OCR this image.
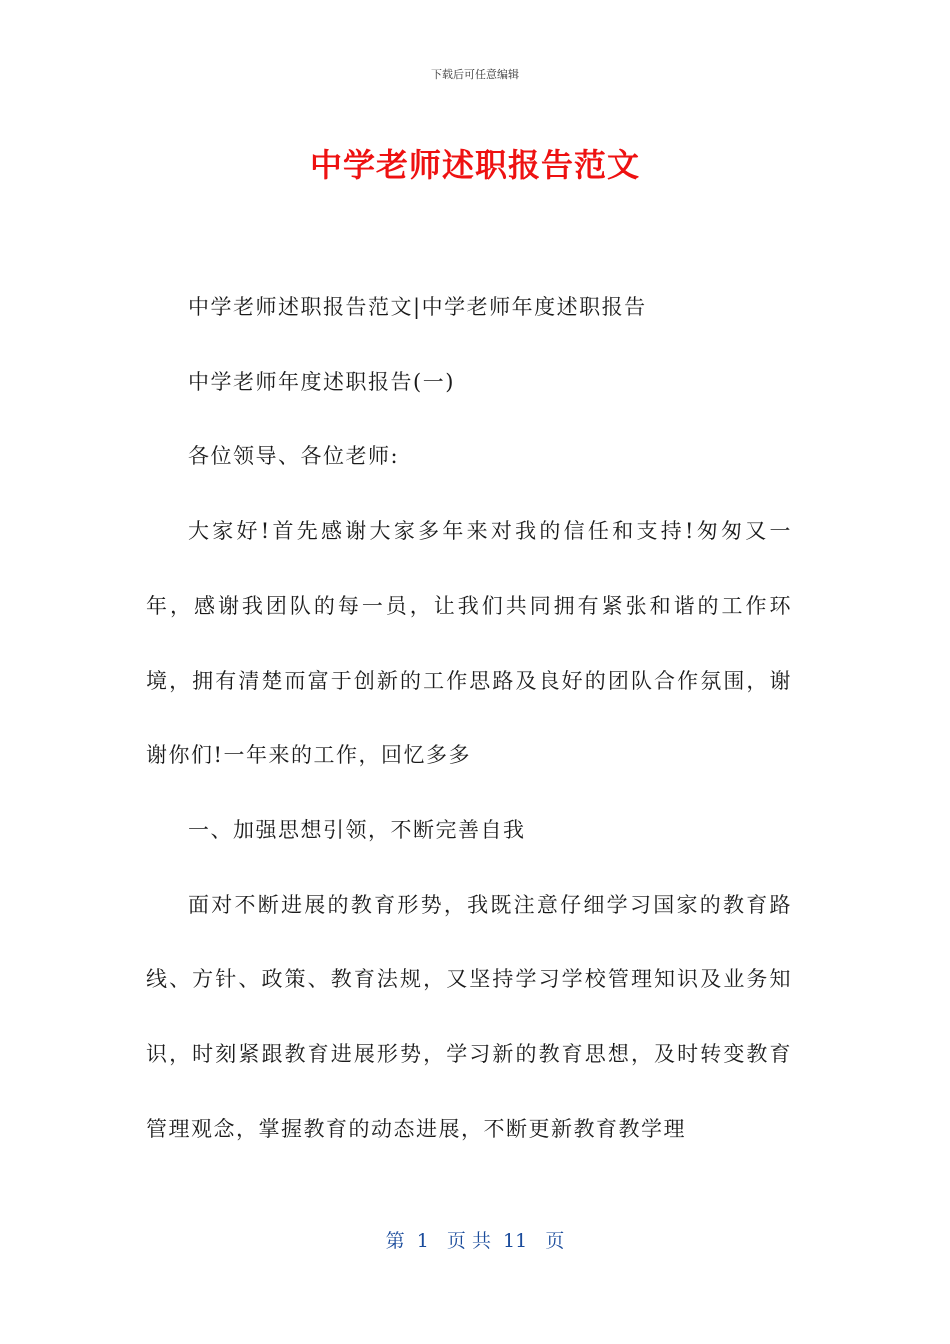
下载后可任意编辑
中学老师述职报告范文

中学老师述职报告范文|中学老师年度述职报告

中学老师年度述职报告(一)

各位领导、各位老师:

大家好!首先感谢大家多年来对我的信任和支持!匆匆又一年，感谢我团队的每一员，让我们共同拥有紧张和谐的工作环境，拥有清楚而富于创新的工作思路及良好的团队合作氛围，谢谢你们!一年来的工作，回忆多多

一、加强思想引领，不断完善自我

面对不断进展的教育形势，我既注意仔细学习国家的教育路线、方针、政策、教育法规，又坚持学习学校管理知识及业务知识，时刻紧跟教育进展形势，学习新的教育思想，及时转变教育管理观念，掌握教育的动态进展，不断更新教育教学理

第  1   页 共  11   页
